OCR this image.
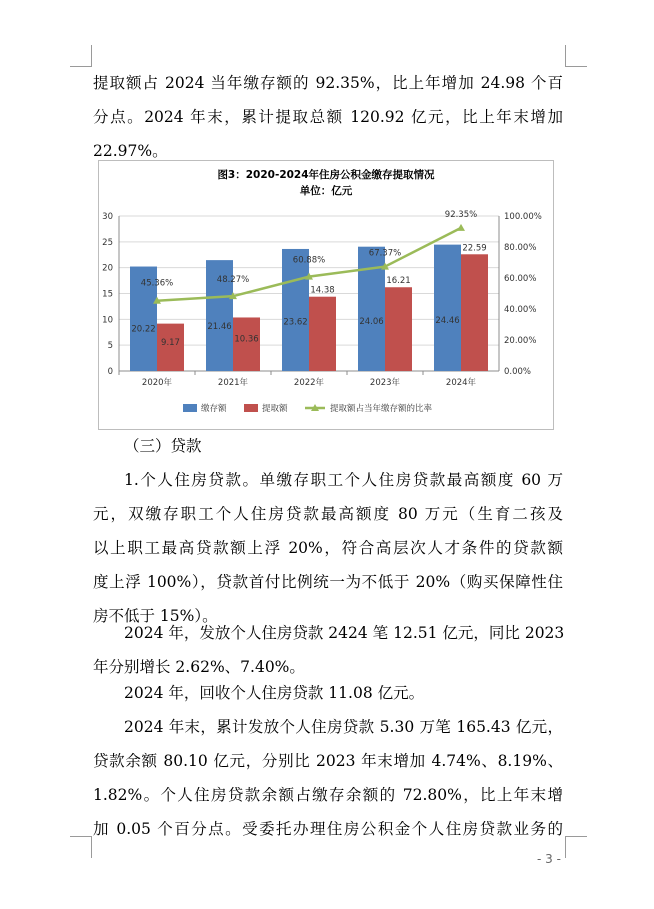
提取额占 2024 当年缴存额的 92.35%，比上年增加 24.98 个百
分点。2024 年末，累计提取总额 120.92 亿元，比上年末增加
22.97%。
图3：2020-2024年住房公积金缴存提取情况
单位：亿元
0
5
10
15
20
25
30
0.00%
20.00%
40.00%
60.00%
80.00%
100.00%
2020年	2021年	2022年	2023年	2024年
20.22	21.46	23.62	24.06	24.46
9.17	10.36
14.38
16.21
22.59
45.36%	48.27%
60.88%
67.37%
92.35%
缴存额	提取额	提取额占当年缴存额的比率
（三）贷款
1.个人住房贷款。单缴存职工个人住房贷款最高额度 60 万
元，双缴存职工个人住房贷款最高额度 80 万元（生育二孩及
以上职工最高贷款额上浮 20%，符合高层次人才条件的贷款额
度上浮 100%），贷款首付比例统一为不低于 20%（购买保障性住
房不低于 15%）。
2024 年，发放个人住房贷款 2424 笔 12.51 亿元，同比 2023
年分别增长 2.62%、7.40%。
2024 年，回收个人住房贷款 11.08 亿元。
2024 年末，累计发放个人住房贷款 5.30 万笔 165.43 亿元，
贷款余额 80.10 亿元，分别比 2023 年末增加 4.74%、8.19%、
1.82%。个人住房贷款余额占缴存余额的 72.80%，比上年末增
加 0.05 个百分点。受委托办理住房公积金个人住房贷款业务的
- 3 -
